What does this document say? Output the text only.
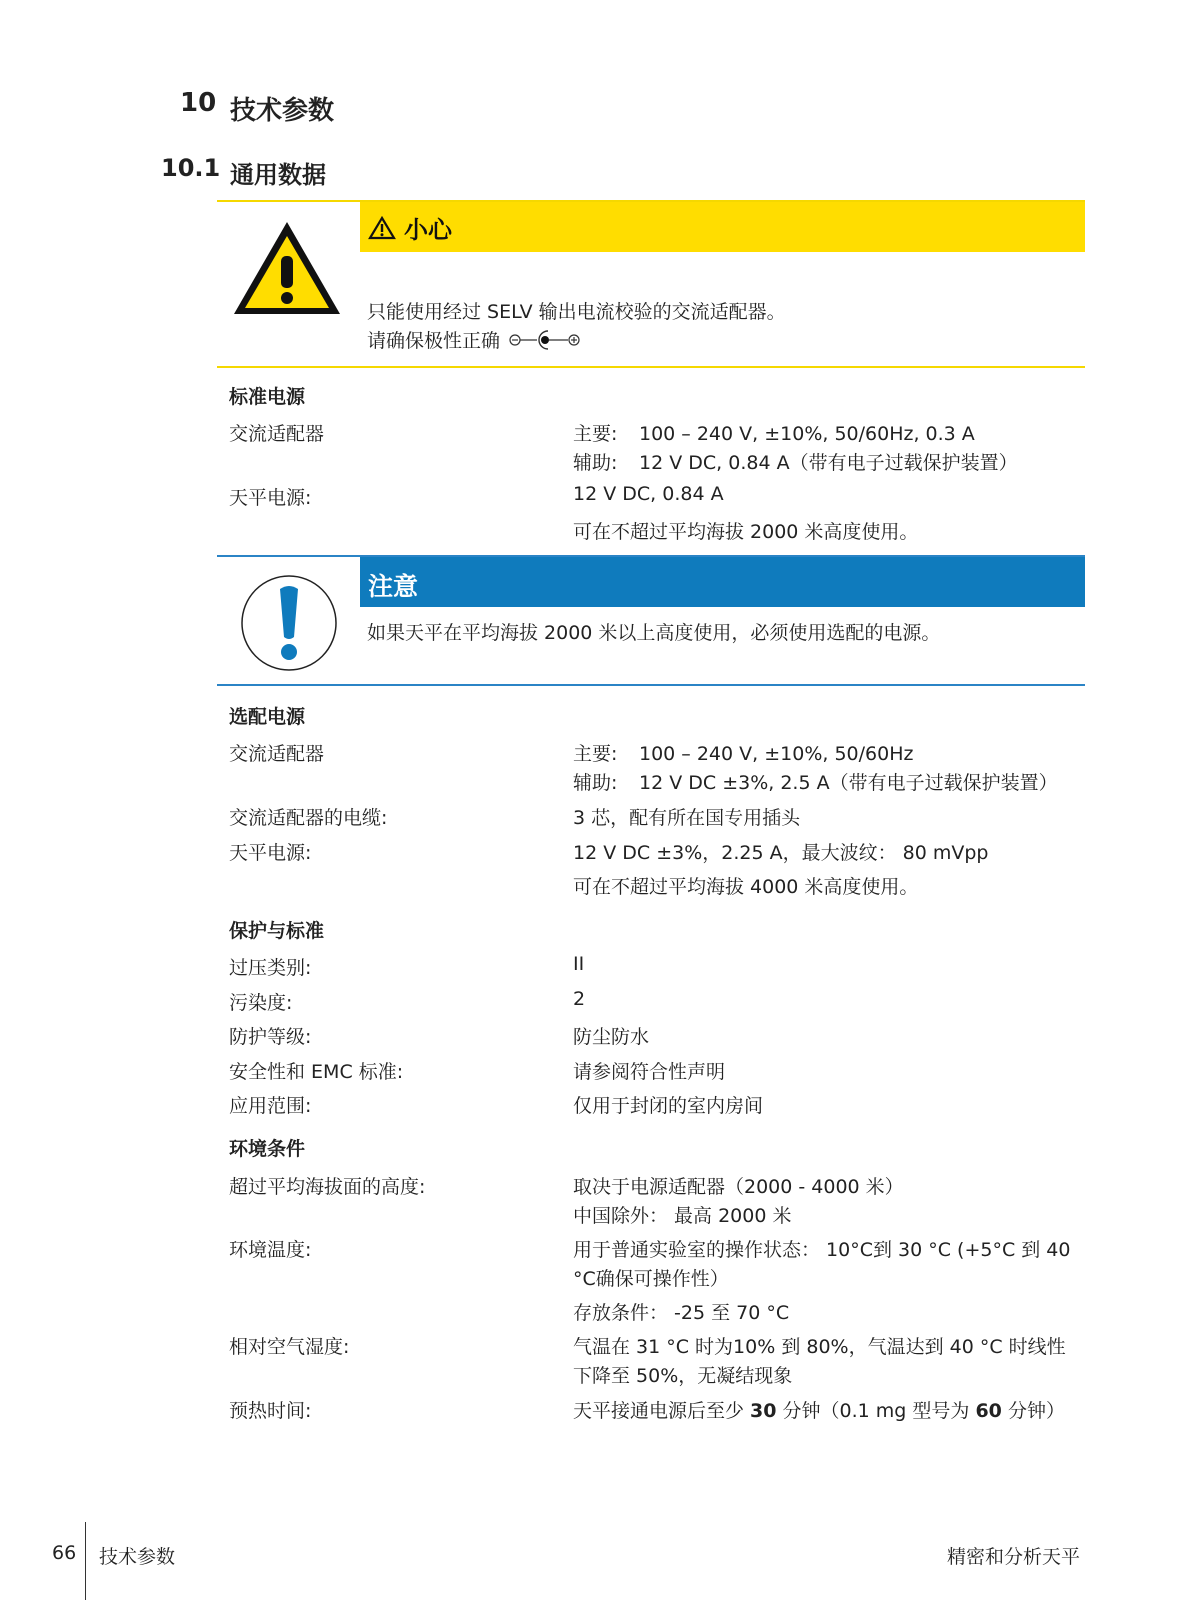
10 技术参数
10.1 通用数据
小心
只能使用经过 SELV 输出电流校验的交流适配器。
请确保极性正确
标准电源
交流适配器	主要: 100 – 240 V, ±10%, 50/60Hz, 0.3 A
辅助: 12 V DC, 0.84 A（带有电子过载保护装置）
天平电源:	12 V DC, 0.84 A
可在不超过平均海拔 2000 米高度使用。
注意
如果天平在平均海拔 2000 米以上高度使用，必须使用选配的电源。
选配电源
交流适配器	主要: 100 – 240 V, ±10%, 50/60Hz
辅助: 12 V DC ±3%, 2.5 A（带有电子过载保护装置）
交流适配器的电缆:	3 芯，配有所在国专用插头
天平电源:	12 V DC ±3%，2.25 A，最大波纹： 80 mVpp
可在不超过平均海拔 4000 米高度使用。
保护与标准
过压类别:	II
污染度:	2
防护等级:	防尘防水
安全性和 EMC 标准:	请参阅符合性声明
应用范围:	仅用于封闭的室内房间
环境条件
超过平均海拔面的高度:	取决于电源适配器（2000 - 4000 米）
中国除外： 最高 2000 米
环境温度:	用于普通实验室的操作状态： 10°C到 30 °C (+5°C 到 40
°C确保可操作性）
存放条件： -25 至 70 °C
相对空气湿度:	气温在 31 °C 时为10% 到 80%，气温达到 40 °C 时线性
下降至 50%，无凝结现象
预热时间:	天平接通电源后至少 30 分钟（0.1 mg 型号为 60 分钟）
66 技术参数	精密和分析天平
